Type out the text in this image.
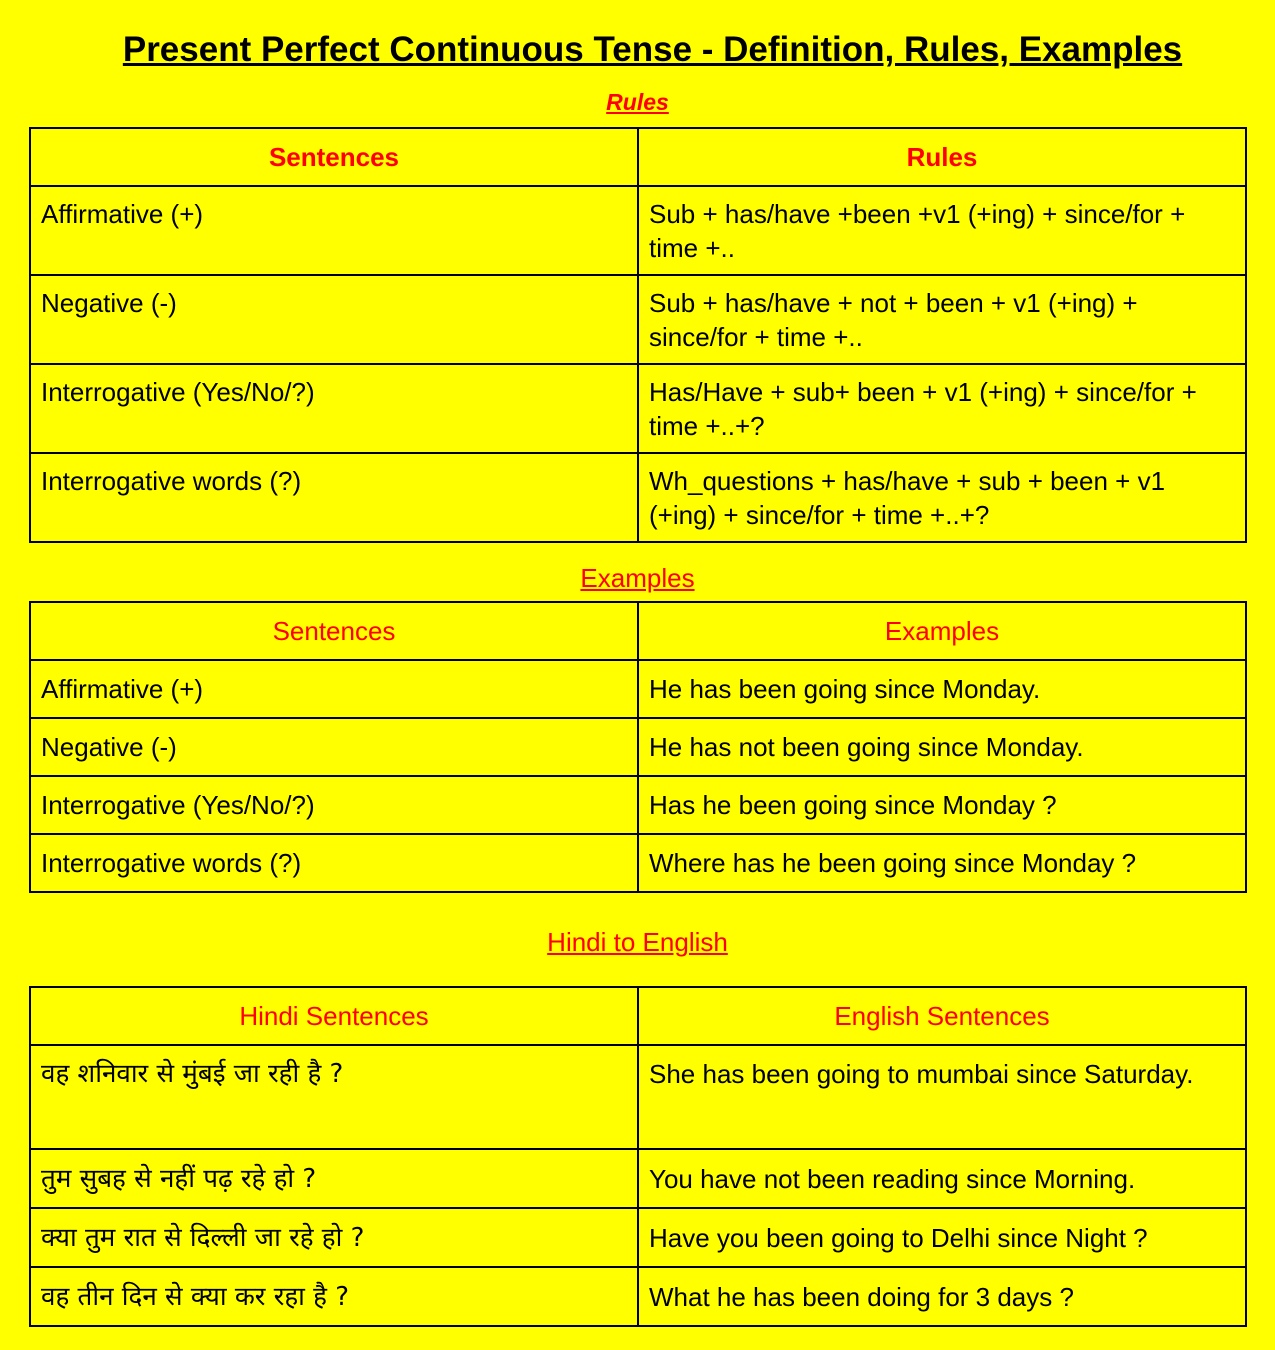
Present Perfect Continuous Tense - Definition, Rules, Examples
Rules
Sentences	Rules
Affirmative (+)	Sub + has/have +been +v1 (+ing) + since/for + time +..
Negative (-)	Sub + has/have + not + been + v1 (+ing) + since/for + time +..
Interrogative (Yes/No/?)	Has/Have + sub+ been + v1 (+ing) + since/for + time +..+?
Interrogative words (?)	Wh_questions + has/have + sub + been + v1 (+ing) + since/for + time +..+?
Examples
Sentences	Examples
Affirmative (+)	He has been going since Monday.
Negative (-)	He has not been going since Monday.
Interrogative (Yes/No/?)	Has he been going since Monday ?
Interrogative words (?)	Where has he been going since Monday ?
Hindi to English
Hindi Sentences	English Sentences
वह शनिवार से मुंबई जा रही है ?	She has been going to mumbai since Saturday.
तुम सुबह से नहीं पढ़ रहे हो ?	You have not been reading since Morning.
क्या तुम रात से दिल्ली जा रहे हो ?	Have you been going to Delhi since Night ?
वह तीन दिन से क्या कर रहा है ?	What he has been doing for 3 days ?
